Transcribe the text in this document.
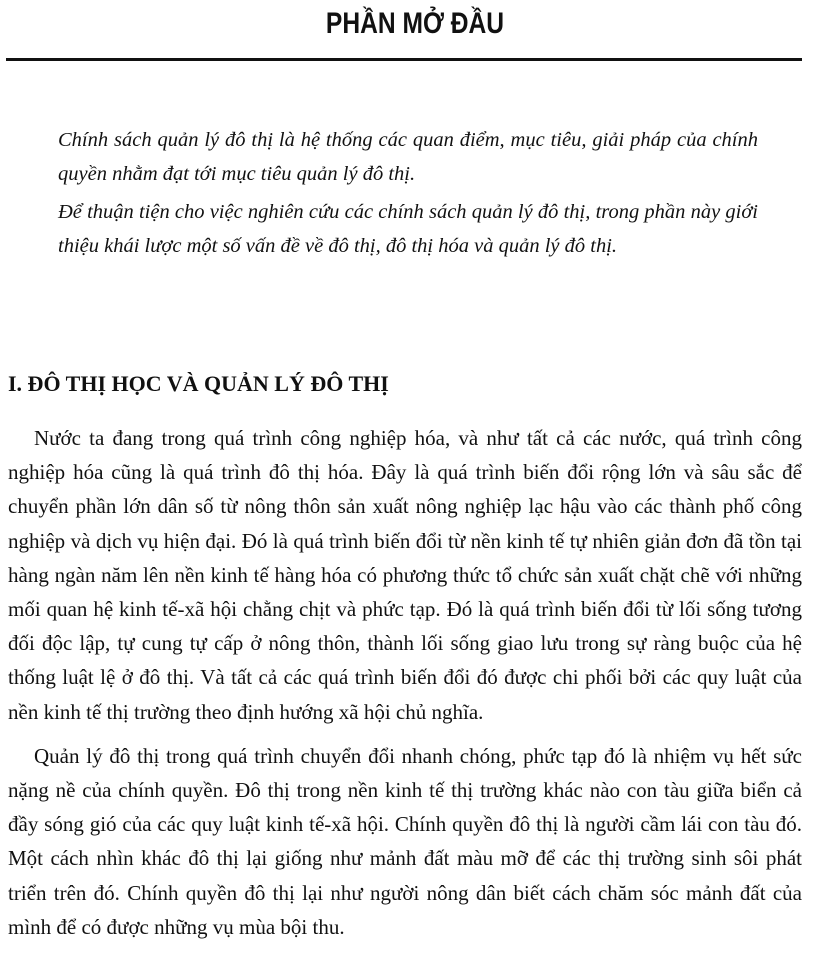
PHẦN MỞ ĐẦU

Chính sách quản lý đô thị là hệ thống các quan điểm, mục tiêu, giải pháp của chính quyền nhằm đạt tới mục tiêu quản lý đô thị.

Để thuận tiện cho việc nghiên cứu các chính sách quản lý đô thị, trong phần này giới thiệu khái lược một số vấn đề về đô thị, đô thị hóa và quản lý đô thị.

I. ĐÔ THỊ HỌC VÀ QUẢN LÝ ĐÔ THỊ

Nước ta đang trong quá trình công nghiệp hóa, và như tất cả các nước, quá trình công nghiệp hóa cũng là quá trình đô thị hóa. Đây là quá trình biến đổi rộng lớn và sâu sắc để chuyển phần lớn dân số từ nông thôn sản xuất nông nghiệp lạc hậu vào các thành phố công nghiệp và dịch vụ hiện đại. Đó là quá trình biến đổi từ nền kinh tế tự nhiên giản đơn đã tồn tại hàng ngàn năm lên nền kinh tế hàng hóa có phương thức tổ chức sản xuất chặt chẽ với những mối quan hệ kinh tế-xã hội chằng chịt và phức tạp. Đó là quá trình biến đổi từ lối sống tương đối độc lập, tự cung tự cấp ở nông thôn, thành lối sống giao lưu trong sự ràng buộc của hệ thống luật lệ ở đô thị. Và tất cả các quá trình biến đổi đó được chi phối bởi các quy luật của nền kinh tế thị trường theo định hướng xã hội chủ nghĩa.

Quản lý đô thị trong quá trình chuyển đổi nhanh chóng, phức tạp đó là nhiệm vụ hết sức nặng nề của chính quyền. Đô thị trong nền kinh tế thị trường khác nào con tàu giữa biển cả đầy sóng gió của các quy luật kinh tế-xã hội. Chính quyền đô thị là người cầm lái con tàu đó. Một cách nhìn khác đô thị lại giống như mảnh đất màu mỡ để các thị trường sinh sôi phát triển trên đó. Chính quyền đô thị lại như người nông dân biết cách chăm sóc mảnh đất của mình để có được những vụ mùa bội thu.
